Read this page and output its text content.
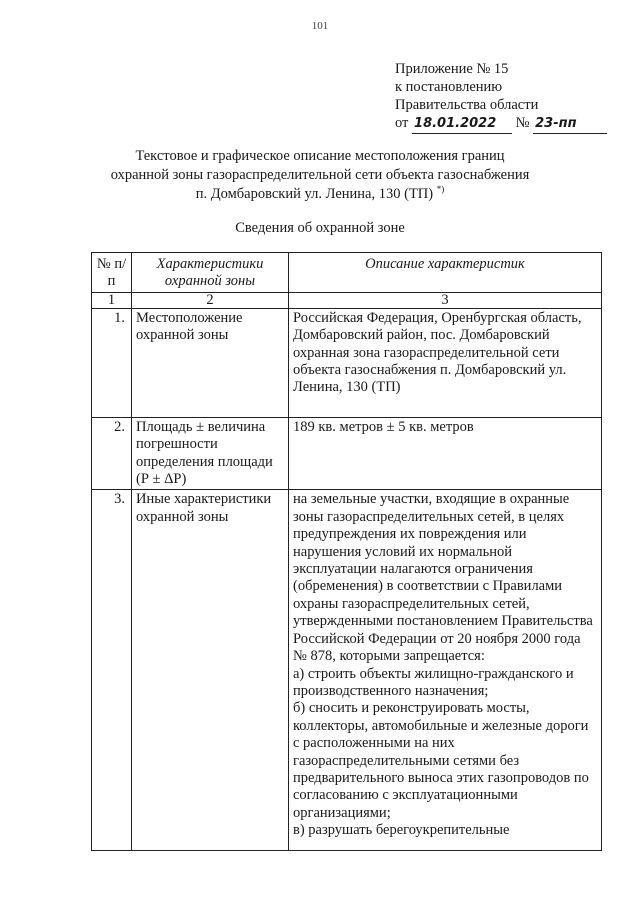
101
Приложение № 15
к постановлению
Правительства области
от 18.01.2022 № 23-пп
Текстовое и графическое описание местоположения границ
охранной зоны газораспределительной сети объекта газоснабжения
п. Домбаровский ул. Ленина, 130 (ТП) *)
Сведения об охранной зоне
№ п/п	Характеристики охранной зоны	Описание характеристик
1	2	3
1.	Местоположение охранной зоны	Российская Федерация, Оренбургская область, Домбаровский район, пос. Домбаровский охранная зона газораспределительной сети объекта газоснабжения п. Домбаровский ул. Ленина, 130 (ТП)
2.	Площадь ± величина погрешности определения площади (Р ± ΔР)	189 кв. метров ± 5 кв. метров
3.	Иные характеристики охранной зоны	на земельные участки, входящие в охранные зоны газораспределительных сетей, в целях предупреждения их повреждения или нарушения условий их нормальной эксплуатации налагаются ограничения (обременения) в соответствии с Правилами охраны газораспределительных сетей, утвержденными постановлением Правительства Российской Федерации от 20 ноября 2000 года № 878, которыми запрещается:
а) строить объекты жилищно-гражданского и производственного назначения;
б) сносить и реконструировать мосты, коллекторы, автомобильные и железные дороги с расположенными на них газораспределительными сетями без предварительного выноса этих газопроводов по согласованию с эксплуатационными организациями;
в) разрушать берегоукрепительные
